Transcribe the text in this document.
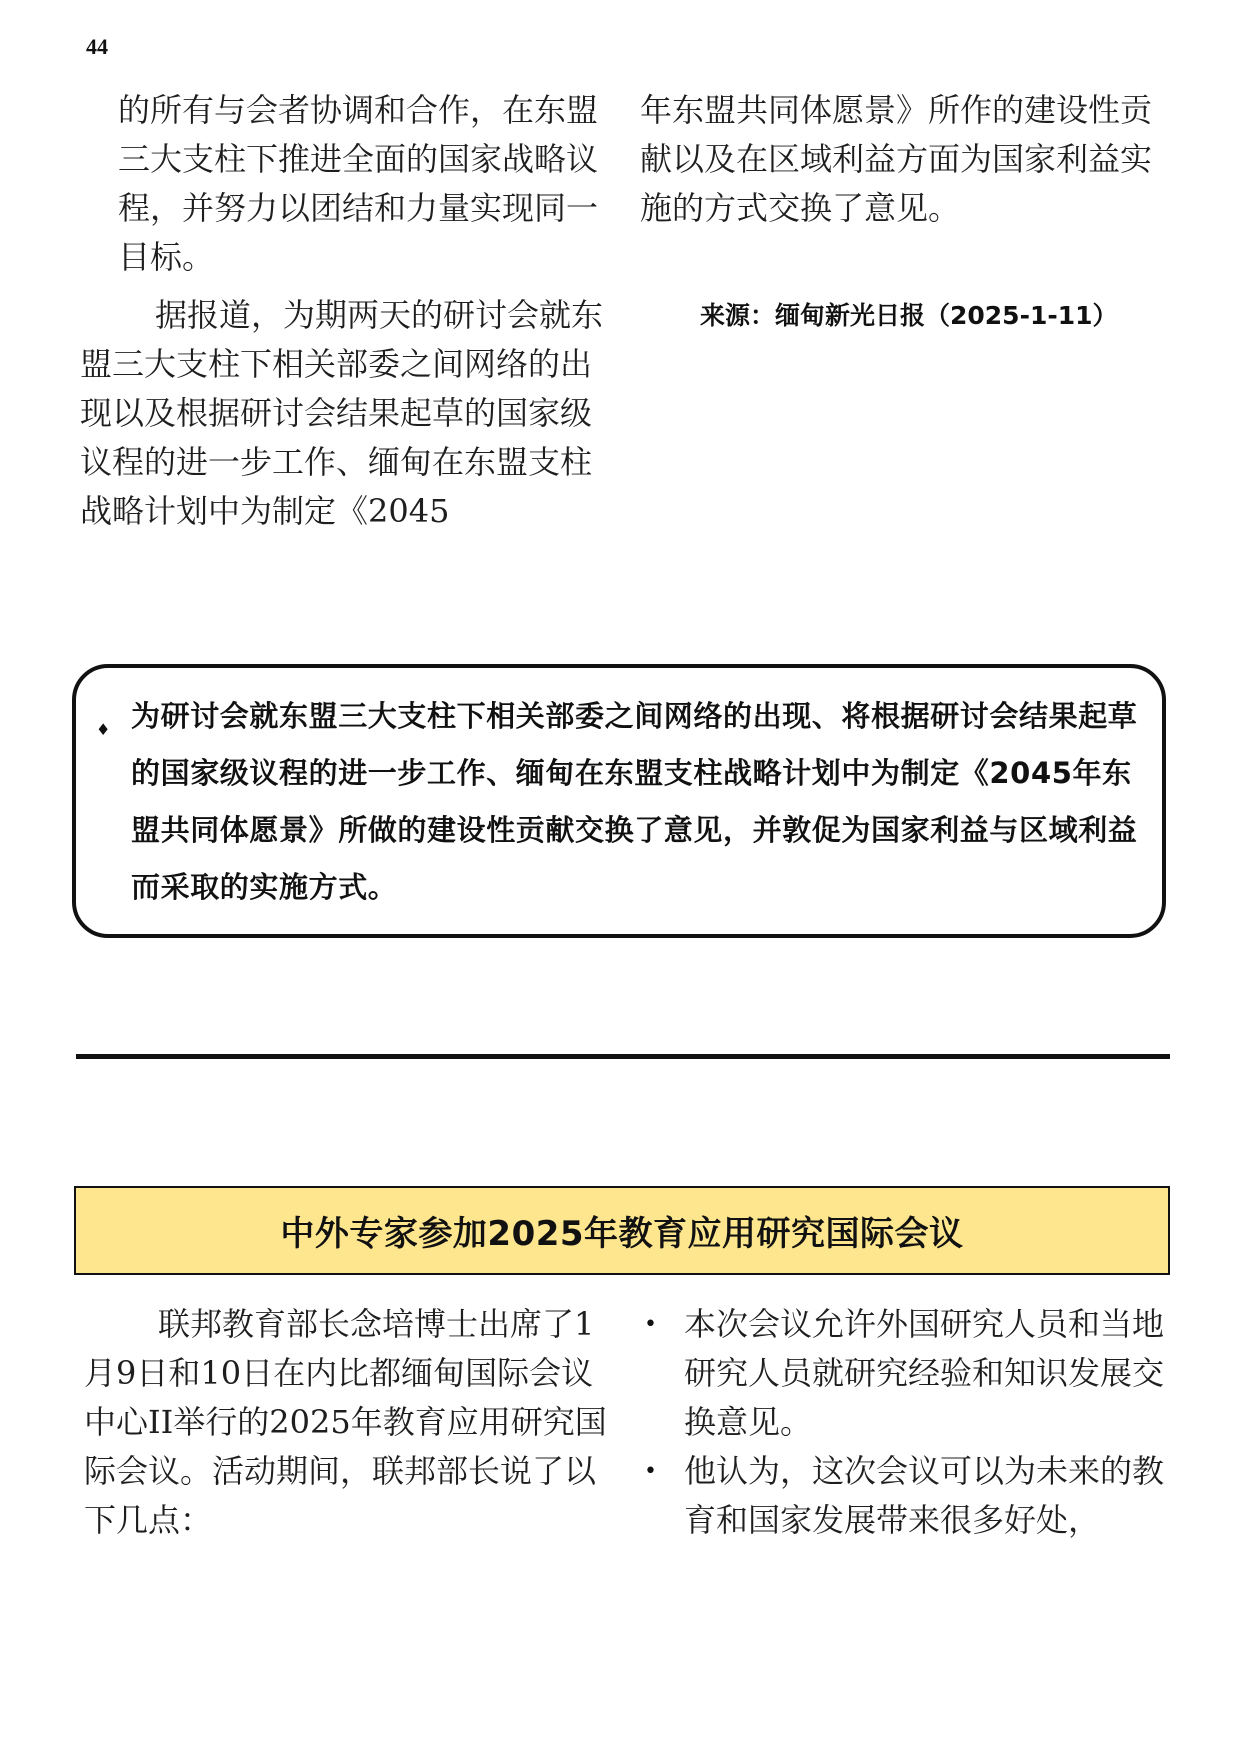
44

的所有与会者协调和合作，在东盟三大支柱下推进全面的国家战略议程，并努力以团结和力量实现同一目标。

据报道，为期两天的研讨会就东盟三大支柱下相关部委之间网络的出现以及根据研讨会结果起草的国家级议程的进一步工作、缅甸在东盟支柱战略计划中为制定《2045

年东盟共同体愿景》所作的建设性贡献以及在区域利益方面为国家利益实施的方式交换了意见。

来源：缅甸新光日报（2025-1-11）
♦ 为研讨会就东盟三大支柱下相关部委之间网络的出现、将根据研讨会结果起草的国家级议程的进一步工作、缅甸在东盟支柱战略计划中为制定《2045年东盟共同体愿景》所做的建设性贡献交换了意见，并敦促为国家利益与区域利益而采取的实施方式。
中外专家参加2025年教育应用研究国际会议

联邦教育部长念培博士出席了1月9日和10日在内比都缅甸国际会议中心II举行的2025年教育应用研究国际会议。活动期间，联邦部长说了以下几点：

• 本次会议允许外国研究人员和当地研究人员就研究经验和知识发展交换意见。
• 他认为，这次会议可以为未来的教育和国家发展带来很多好处，
